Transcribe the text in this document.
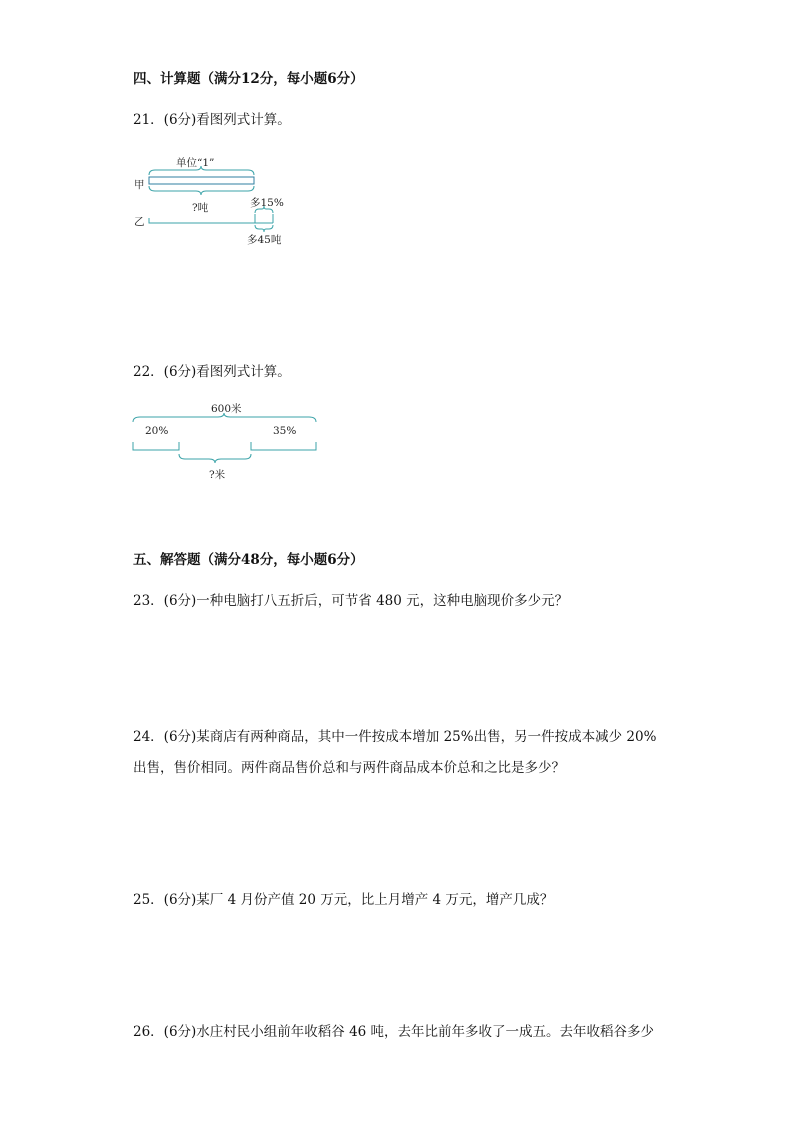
四、计算题（满分12分，每小题6分）
21．(6分)看图列式计算。
单位“1”
甲
乙
?吨	多15%
多45吨
22．(6分)看图列式计算。
600米
20%	35%
?米
五、解答题（满分48分，每小题6分）
23．(6分)一种电脑打八五折后，可节省 480 元，这种电脑现价多少元？
24．(6分)某商店有两种商品，其中一件按成本增加 25%出售，另一件按成本减少 20%
出售，售价相同。两件商品售价总和与两件商品成本价总和之比是多少？
25．(6分)某厂 4 月份产值 20 万元，比上月增产 4 万元，增产几成？
26．(6分)水庄村民小组前年收稻谷 46 吨，去年比前年多收了一成五。去年收稻谷多少
